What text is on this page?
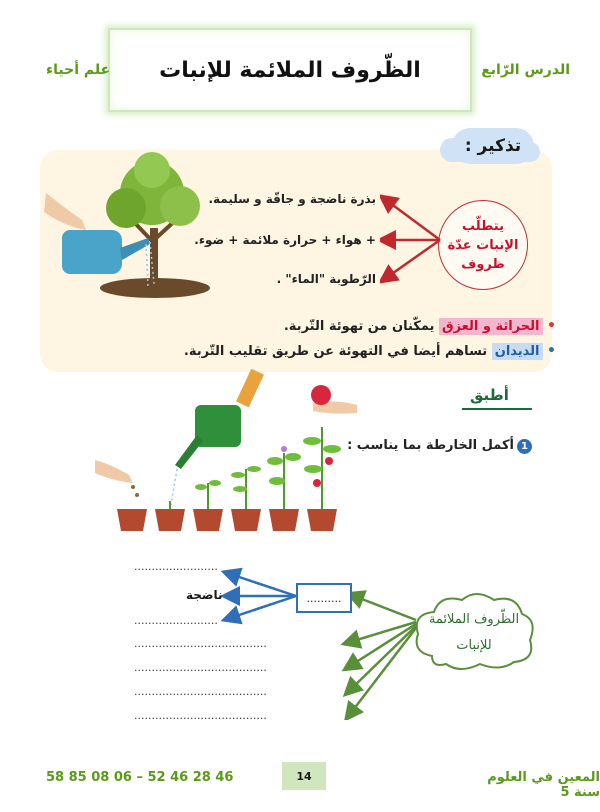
الظّروف الملائمة للإنبات	الدرس الرّابع
علم أحياء
تذكير :
يتطلّب
الإنبات عدّة
ظروف
بذرة ناضجة و جافّة و سليمة.
+ هواء + حرارة ملائمة + ضوء.
الرّطوبة "الماء" .
• الحراثة و العزق يمكّنان من تهوئة التّربة.
• الديدان تساهم أيضا في التهوئة عن طريق تقليب التّربة.
أطبق
1أكمل الخارطة بما يناسب :
الظّروف الملائمة
للإنبات
..........
........................
ناضجة
........................
......................................
......................................
......................................
......................................
58 85 08 06 – 52 46 28 46	14	المعين في العلوم سنة 5
